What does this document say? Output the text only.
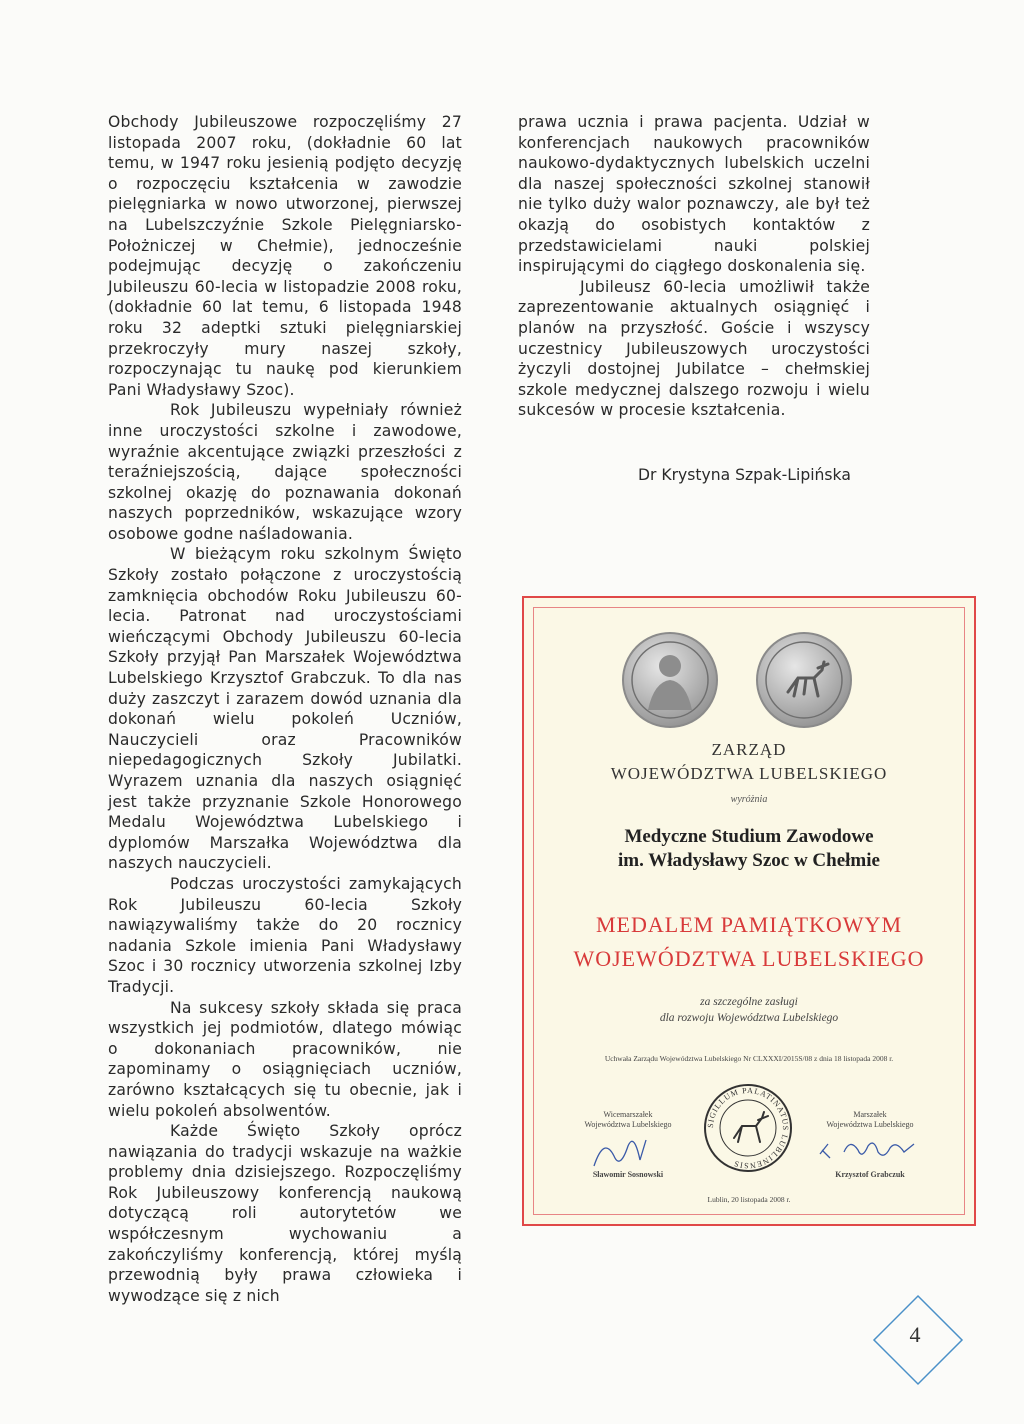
Obchody Jubileuszowe rozpoczęliśmy 27 listopada 2007 roku, (dokładnie 60 lat temu, w 1947 roku jesienią podjęto decyzję o rozpoczęciu kształcenia w zawodzie pielęgniarka w nowo utworzonej, pierwszej na Lubelszczyźnie Szkole Pielęgniarsko-Położniczej w Chełmie), jednocześnie podejmując decyzję o zakończeniu Jubileuszu 60-lecia w listopadzie 2008 roku, (dokładnie 60 lat temu, 6 listopada 1948 roku 32 adeptki sztuki pielęgniarskiej przekroczyły mury naszej szkoły, rozpoczynając tu naukę pod kierunkiem Pani Władysławy Szoc).

Rok Jubileuszu wypełniały również inne uroczystości szkolne i zawodowe, wyraźnie akcentujące związki przeszłości z teraźniejszością, dające społeczności szkolnej okazję do poznawania dokonań naszych poprzedników, wskazujące wzory osobowe godne naśladowania.

W bieżącym roku szkolnym Święto Szkoły zostało połączone z uroczystością zamknięcia obchodów Roku Jubileuszu 60-lecia. Patronat nad uroczystościami wieńczącymi Obchody Jubileuszu 60-lecia Szkoły przyjął Pan Marszałek Województwa Lubelskiego Krzysztof Grabczuk. To dla nas duży zaszczyt i zarazem dowód uznania dla dokonań wielu pokoleń Uczniów, Nauczycieli oraz Pracowników niepedagogicznych Szkoły Jubilatki. Wyrazem uznania dla naszych osiągnięć jest także przyznanie Szkole Honorowego Medalu Województwa Lubelskiego i dyplomów Marszałka Województwa dla naszych nauczycieli.

Podczas uroczystości zamykających Rok Jubileuszu 60-lecia Szkoły nawiązywaliśmy także do 20 rocznicy nadania Szkole imienia Pani Władysławy Szoc i 30 rocznicy utworzenia szkolnej Izby Tradycji.

Na sukcesy szkoły składa się praca wszystkich jej podmiotów, dlatego mówiąc o dokonaniach pracowników, nie zapominamy o osiągnięciach uczniów, zarówno kształcących się tu obecnie, jak i wielu pokoleń absolwentów.

Każde Święto Szkoły oprócz nawiązania do tradycji wskazuje na ważkie problemy dnia dzisiejszego. Rozpoczęliśmy Rok Jubileuszowy konferencją naukową dotyczącą roli autorytetów we współczesnym wychowaniu a zakończyliśmy konferencją, której myślą przewodnią były prawa człowieka i wywodzące się z nich

prawa ucznia i prawa pacjenta. Udział w konferencjach naukowych pracowników naukowo-dydaktycznych lubelskich uczelni dla naszej społeczności szkolnej stanowił nie tylko duży walor poznawczy, ale był też okazją do osobistych kontaktów z przedstawicielami nauki polskiej inspirującymi do ciągłego doskonalenia się.

Jubileusz 60-lecia umożliwił także zaprezentowanie aktualnych osiągnięć i planów na przyszłość. Goście i wszyscy uczestnicy Jubileuszowych uroczystości życzyli dostojnej Jubilatce – chełmskiej szkole medycznej dalszego rozwoju i wielu sukcesów w procesie kształcenia.

Dr Krystyna Szpak-Lipińska
ZARZĄD
WOJEWÓDZTWA LUBELSKIEGO
wyróżnia
Medyczne Studium Zawodowe
im. Władysławy Szoc w Chełmie
MEDALEM PAMIĄTKOWYM
WOJEWÓDZTWA LUBELSKIEGO
za szczególne zasługi
dla rozwoju Województwa Lubelskiego
Uchwała Zarządu Województwa Lubelskiego Nr CLXXXI/2015S/08 z dnia 18 listopada 2008 r.
Wicemarszałek
Województwa Lubelskiego
Sławomir Sosnowski
Marszałek
Województwa Lubelskiego
Krzysztof Grabczuk
SIGILLUM PALATINATUS LUBLINENSIS
Lublin, 20 listopada 2008 r.
4
